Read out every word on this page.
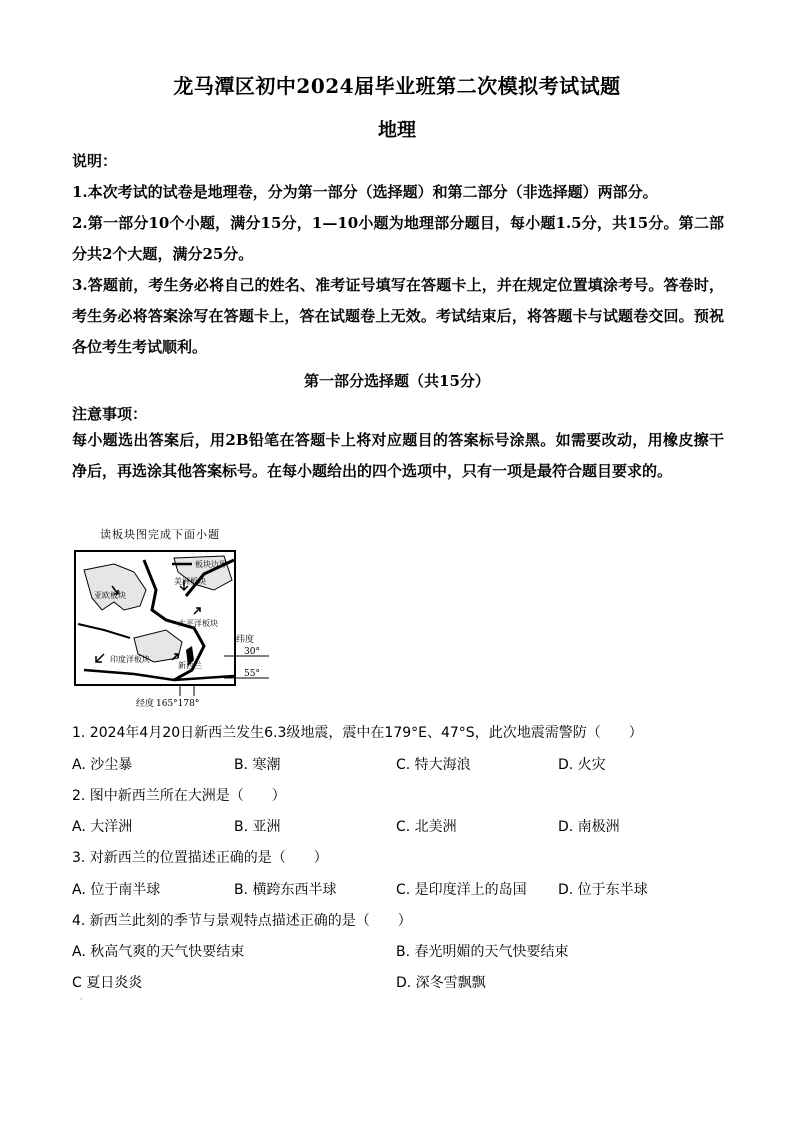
龙马潭区初中2024届毕业班第二次模拟考试试题
地理
说明：
1.本次考试的试卷是地理卷，分为第一部分（选择题）和第二部分（非选择题）两部分。
2.第一部分10个小题，满分15分，1—10小题为地理部分题目，每小题1.5分，共15分。第二部分共2个大题，满分25分。
3.答题前，考生务必将自己的姓名、准考证号填写在答题卡上，并在规定位置填涂考号。答卷时，考生务必将答案涂写在答题卡上，答在试题卷上无效。考试结束后，将答题卡与试题卷交回。预祝各位考生考试顺利。
第一部分选择题（共15分）
注意事项：
每小题选出答案后，用2B铅笔在答题卡上将对应题目的答案标号涂黑。如需要改动，用橡皮擦干净后，再选涂其他答案标号。在每小题给出的四个选项中，只有一项是最符合题目要求的。
读板块图完成下面小题
板块边界
亚欧板块
美洲板块
太平洋板块
印度洋板块
新西兰
纬度
30°
55°
经度 165°178°
1. 2024年4月20日新西兰发生6.3级地震，震中在179°E、47°S，此次地震需警防（　　）
A. 沙尘暴	B. 寒潮	C. 特大海浪	D. 火灾
2. 图中新西兰所在大洲是（　　）
A. 大洋洲	B. 亚洲	C. 北美洲	D. 南极洲
3. 对新西兰的位置描述正确的是（　　）
A. 位于南半球	B. 横跨东西半球	C. 是印度洋上的岛国 D. 位于东半球
4. 新西兰此刻的季节与景观特点描述正确的是（　　）
A. 秋高气爽的天气快要结束	B. 春光明媚的天气快要结束
C 夏日炎炎	D. 深冬雪飘飘
·
